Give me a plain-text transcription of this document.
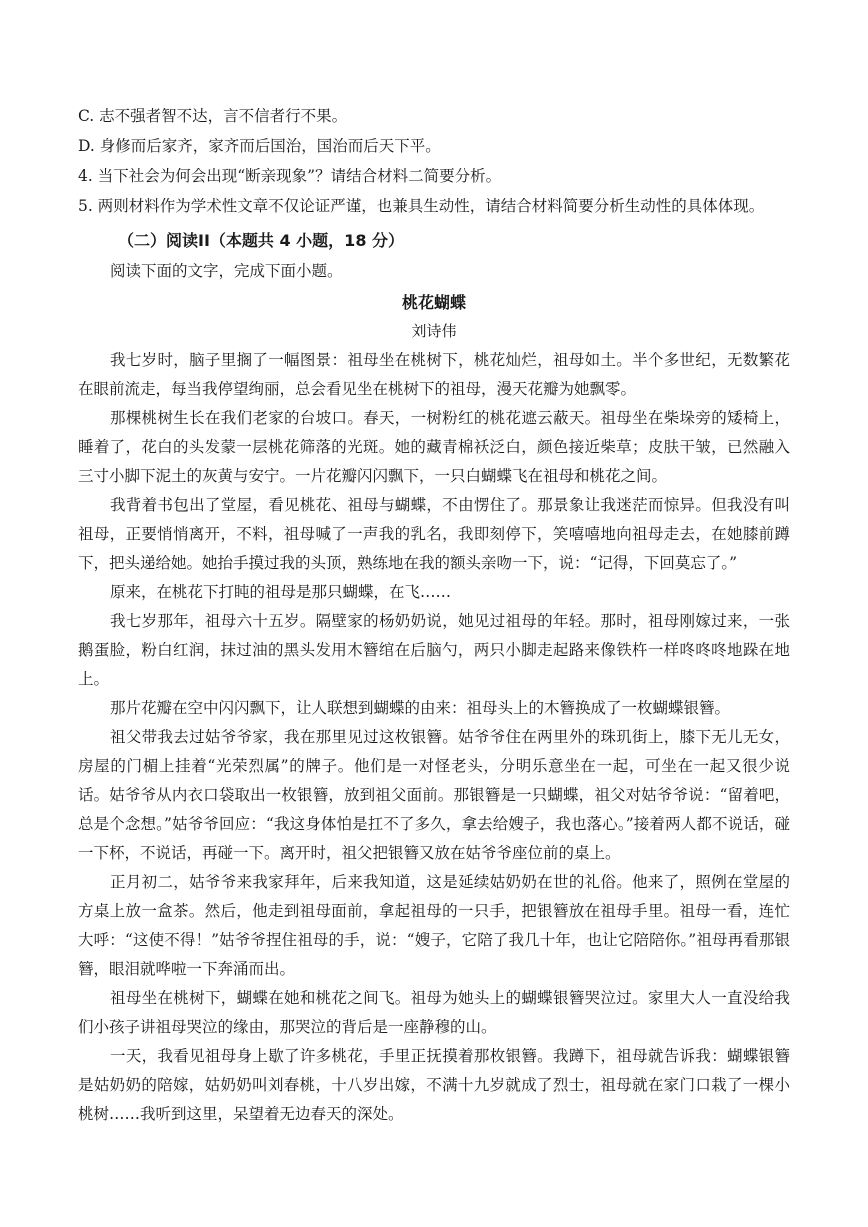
C. 志不强者智不达，言不信者行不果。
D. 身修而后家齐，家齐而后国治，国治而后天下平。
4. 当下社会为何会出现“断亲现象”？请结合材料二简要分析。
5. 两则材料作为学术性文章不仅论证严谨，也兼具生动性，请结合材料简要分析生动性的具体体现。
（二）阅读II（本题共 4 小题，18 分）
阅读下面的文字，完成下面小题。
桃花蝴蝶
刘诗伟

我七岁时，脑子里搁了一幅图景：祖母坐在桃树下，桃花灿烂，祖母如土。半个多世纪，无数繁花在眼前流走，每当我停望绚丽，总会看见坐在桃树下的祖母，漫天花瓣为她飘零。

那棵桃树生长在我们老家的台坡口。春天，一树粉红的桃花遮云蔽天。祖母坐在柴垛旁的矮椅上，睡着了，花白的头发蒙一层桃花筛落的光斑。她的藏青棉袄泛白，颜色接近柴草；皮肤干皱，已然融入三寸小脚下泥土的灰黄与安宁。一片花瓣闪闪飘下，一只白蝴蝶飞在祖母和桃花之间。

我背着书包出了堂屋，看见桃花、祖母与蝴蝶，不由愣住了。那景象让我迷茫而惊异。但我没有叫祖母，正要悄悄离开，不料，祖母喊了一声我的乳名，我即刻停下，笑嘻嘻地向祖母走去，在她膝前蹲下，把头递给她。她抬手摸过我的头顶，熟练地在我的额头亲吻一下，说：“记得，下回莫忘了。”

原来，在桃花下打盹的祖母是那只蝴蝶，在飞……

我七岁那年，祖母六十五岁。隔壁家的杨奶奶说，她见过祖母的年轻。那时，祖母刚嫁过来，一张鹅蛋脸，粉白红润，抹过油的黑头发用木簪绾在后脑勺，两只小脚走起路来像铁杵一样咚咚咚地跺在地上。

那片花瓣在空中闪闪飘下，让人联想到蝴蝶的由来：祖母头上的木簪换成了一枚蝴蝶银簪。

祖父带我去过姑爷爷家，我在那里见过这枚银簪。姑爷爷住在两里外的珠玑街上，膝下无儿无女，房屋的门楣上挂着“光荣烈属”的牌子。他们是一对怪老头，分明乐意坐在一起，可坐在一起又很少说话。姑爷爷从内衣口袋取出一枚银簪，放到祖父面前。那银簪是一只蝴蝶，祖父对姑爷爷说：“留着吧，总是个念想。”姑爷爷回应：“我这身体怕是扛不了多久，拿去给嫂子，我也落心。”接着两人都不说话，碰一下杯，不说话，再碰一下。离开时，祖父把银簪又放在姑爷爷座位前的桌上。

正月初二，姑爷爷来我家拜年，后来我知道，这是延续姑奶奶在世的礼俗。他来了，照例在堂屋的方桌上放一盒茶。然后，他走到祖母面前，拿起祖母的一只手，把银簪放在祖母手里。祖母一看，连忙大呼：“这使不得！”姑爷爷捏住祖母的手，说：“嫂子，它陪了我几十年，也让它陪陪你。”祖母再看那银簪，眼泪就哗啦一下奔涌而出。

祖母坐在桃树下，蝴蝶在她和桃花之间飞。祖母为她头上的蝴蝶银簪哭泣过。家里大人一直没给我们小孩子讲祖母哭泣的缘由，那哭泣的背后是一座静穆的山。

一天，我看见祖母身上歇了许多桃花，手里正抚摸着那枚银簪。我蹲下，祖母就告诉我：蝴蝶银簪是姑奶奶的陪嫁，姑奶奶叫刘春桃，十八岁出嫁，不满十九岁就成了烈士，祖母就在家门口栽了一棵小桃树……我听到这里，呆望着无边春天的深处。
